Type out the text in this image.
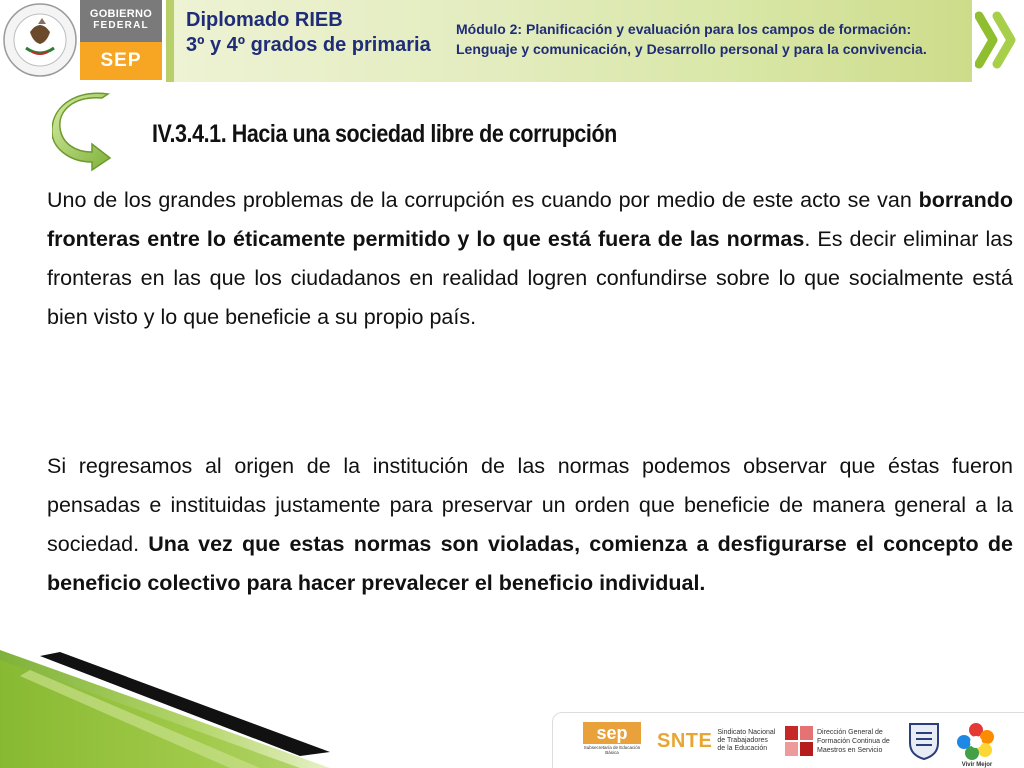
GOBIERNO
FEDERAL
SEP
Diplomado RIEB
3º y 4º grados de primaria
Módulo 2: Planificación y evaluación para los campos de formación:
Lenguaje y comunicación, y Desarrollo personal y para la convivencia.
IV.3.4.1. Hacia una sociedad libre de corrupción
Uno de los grandes problemas de la corrupción es cuando por medio de este acto se van borrando fronteras entre lo éticamente permitido y lo que está fuera de las normas. Es decir eliminar las fronteras en las que los ciudadanos en realidad logren confundirse sobre lo que socialmente está bien visto y lo que beneficie a su propio país.
Si regresamos al origen de la institución de las normas podemos observar que éstas fueron pensadas e instituidas justamente para preservar un orden que beneficie de manera general a la sociedad. Una vez que estas normas son violadas, comienza a desfigurarse el concepto de beneficio colectivo para hacer prevalecer el beneficio individual.
sep
Subsecretaría de Educación Básica
SNTE Sindicato Nacional
de Trabajadores
de la Educación
Dirección General de
Formación Continua de
Maestros en Servicio
Vivir Mejor
